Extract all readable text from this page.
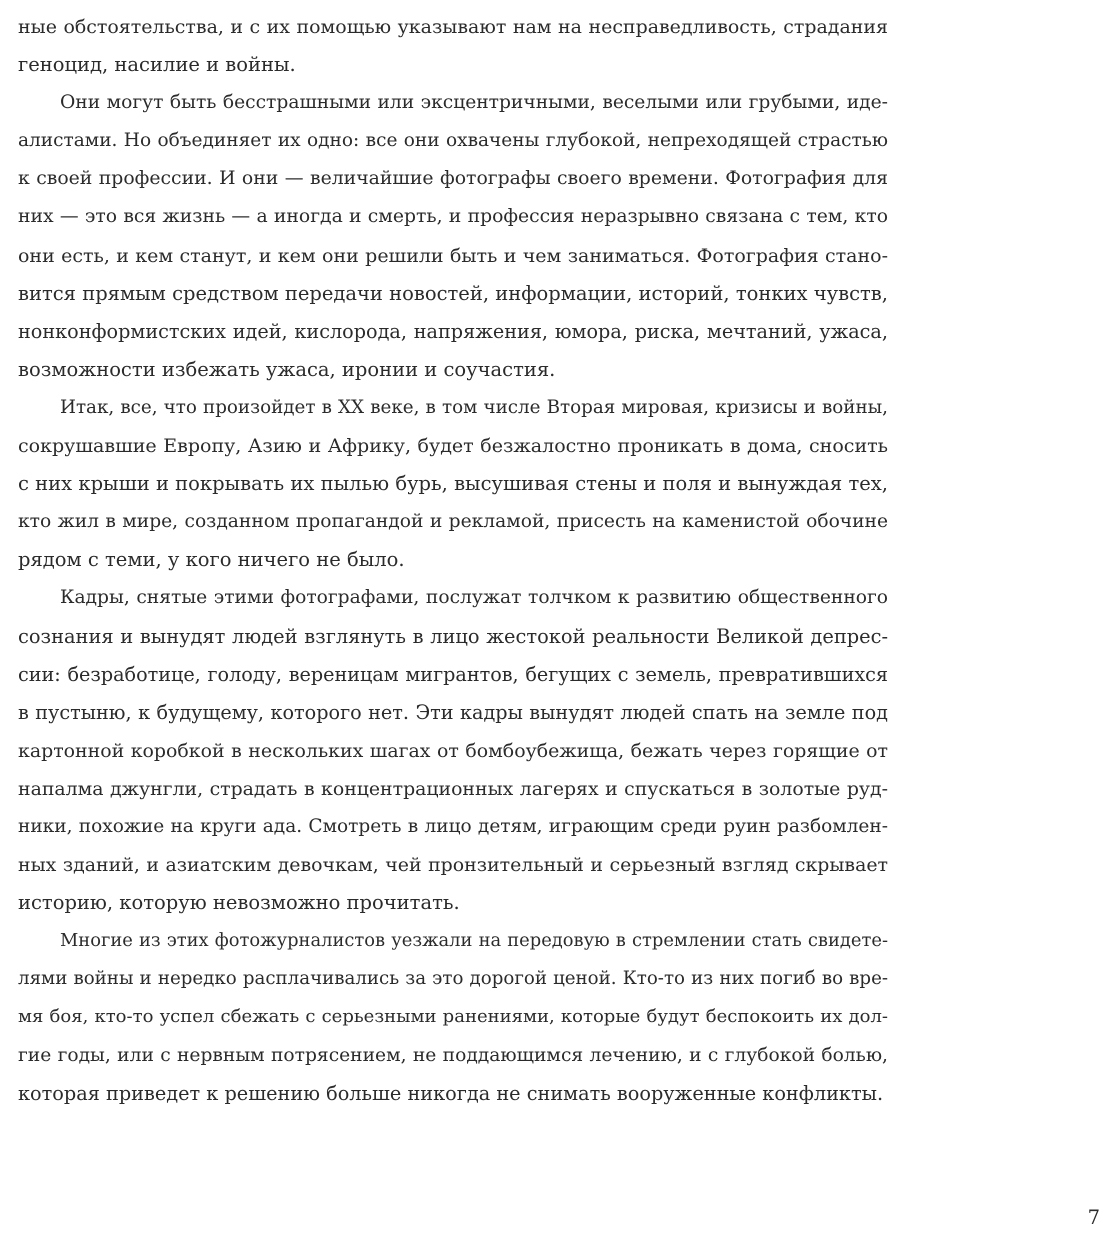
ные обстоятельства, и с их помощью указывают нам на несправедливость, страдания
геноцид, насилие и войны.
Они могут быть бесстрашными или эксцентричными, веселыми или грубыми, иде-
алистами. Но объединяет их одно: все они охвачены глубокой, непреходящей страстью
к своей профессии. И они — величайшие фотографы своего времени. Фотография для
них — это вся жизнь — а иногда и смерть, и профессия неразрывно связана с тем, кто
они есть, и кем станут, и кем они решили быть и чем заниматься. Фотография стано-
вится прямым средством передачи новостей, информации, историй, тонких чувств,
нонконформистских идей, кислорода, напряжения, юмора, риска, мечтаний, ужаса,
возможности избежать ужаса, иронии и соучастия.
Итак, все, что произойдет в XX веке, в том числе Вторая мировая, кризисы и войны,
сокрушавшие Европу, Азию и Африку, будет безжалостно проникать в дома, сносить
с них крыши и покрывать их пылью бурь, высушивая стены и поля и вынуждая тех,
кто жил в мире, созданном пропагандой и рекламой, присесть на каменистой обочине
рядом с теми, у кого ничего не было.
Кадры, снятые этими фотографами, послужат толчком к развитию общественного
сознания и вынудят людей взглянуть в лицо жестокой реальности Великой депрес-
сии: безработице, голоду, вереницам мигрантов, бегущих с земель, превратившихся
в пустыню, к будущему, которого нет. Эти кадры вынудят людей спать на земле под
картонной коробкой в нескольких шагах от бомбоубежища, бежать через горящие от
напалма джунгли, страдать в концентрационных лагерях и спускаться в золотые руд-
ники, похожие на круги ада. Смотреть в лицо детям, играющим среди руин разбомлен-
ных зданий, и азиатским девочкам, чей пронзительный и серьезный взгляд скрывает
историю, которую невозможно прочитать.
Многие из этих фотожурналистов уезжали на передовую в стремлении стать свидете-
лями войны и нередко расплачивались за это дорогой ценой. Кто-то из них погиб во вре-
мя боя, кто-то успел сбежать с серьезными ранениями, которые будут беспокоить их дол-
гие годы, или с нервным потрясением, не поддающимся лечению, и с глубокой болью,
которая приведет к решению больше никогда не снимать вооруженные конфликты.
7
